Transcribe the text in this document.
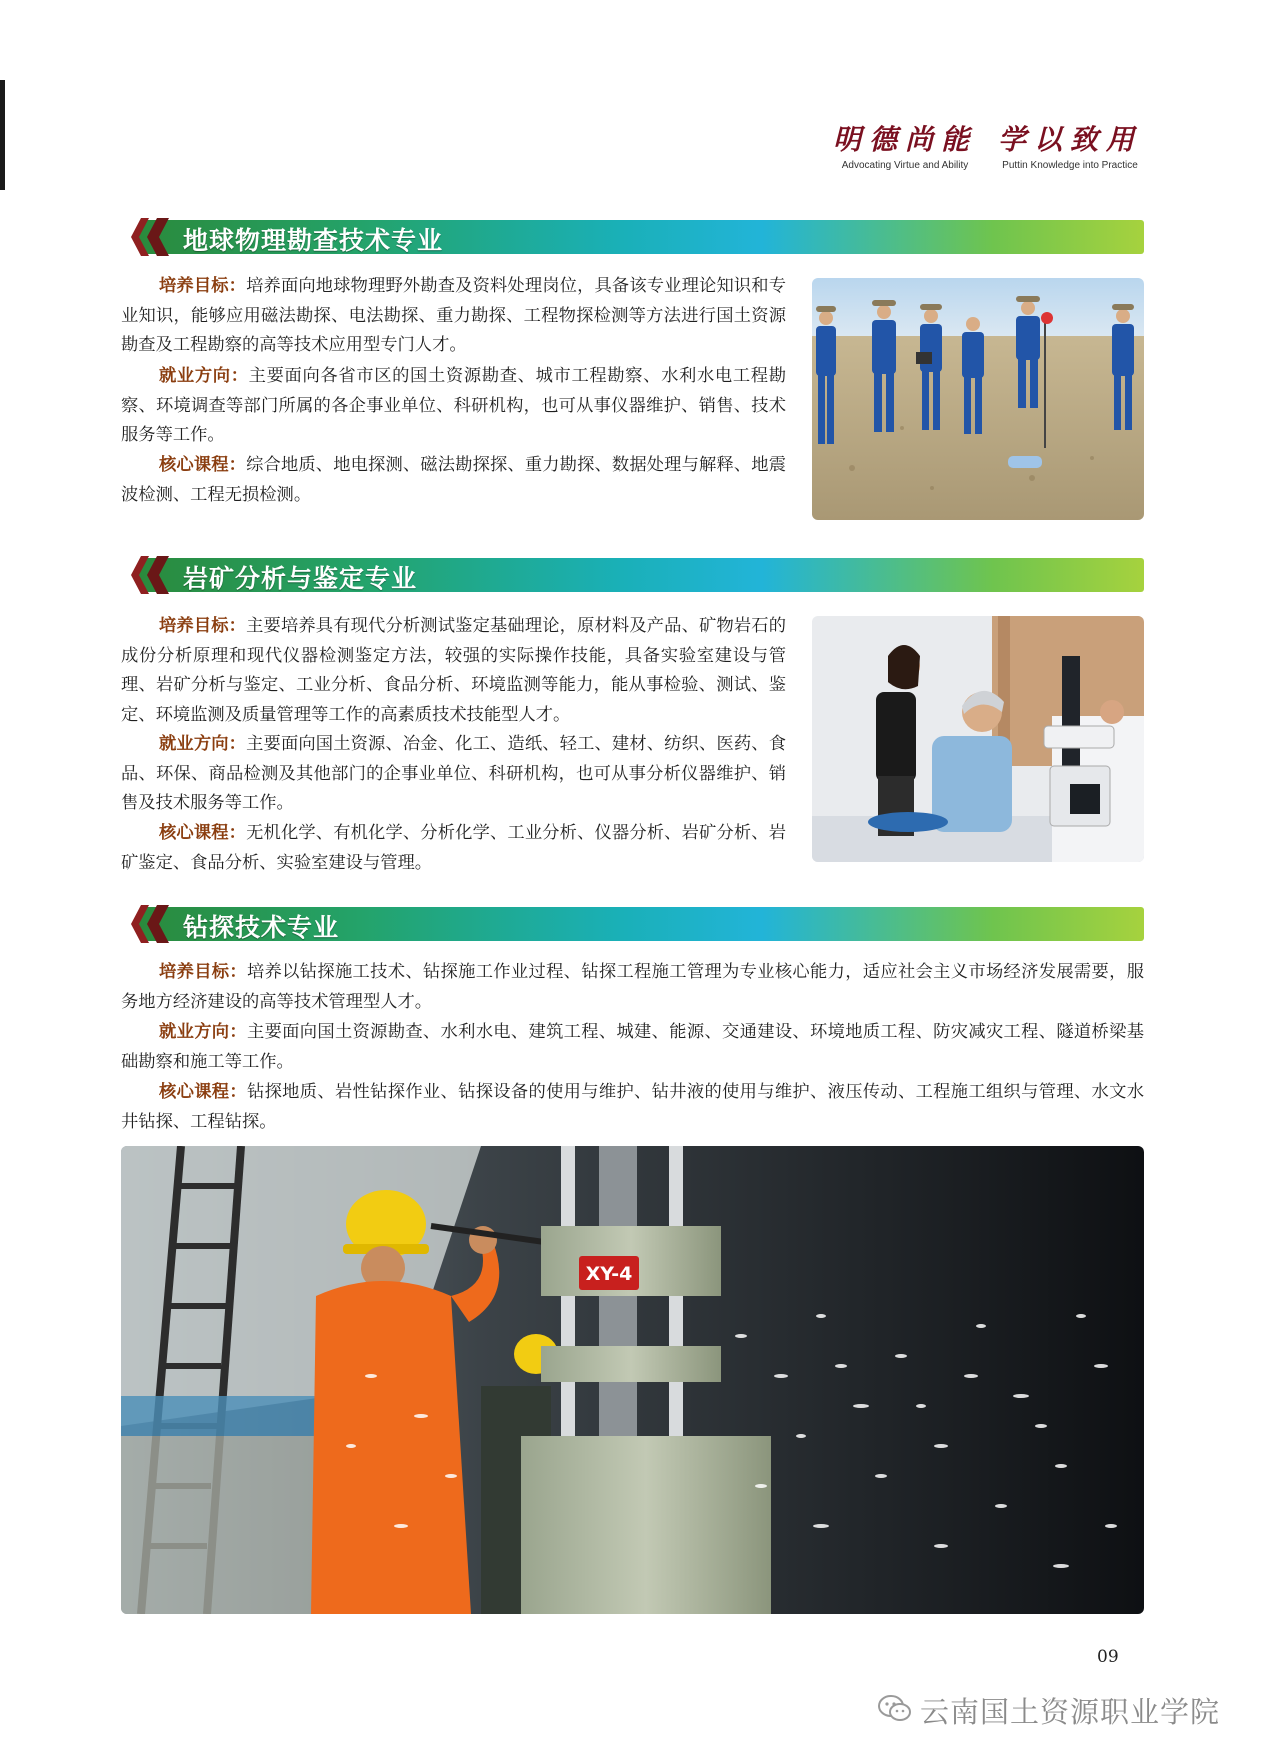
明德尚能
Advocating Virtue and Ability
学以致用
Puttin Knowledge into Practice
地球物理勘查技术专业
培养目标：培养面向地球物理野外勘查及资料处理岗位，具备该专业理论知识和专业知识，能够应用磁法勘探、电法勘探、重力勘探、工程物探检测等方法进行国土资源勘查及工程勘察的高等技术应用型专门人才。
就业方向：主要面向各省市区的国土资源勘查、城市工程勘察、水利水电工程勘察、环境调查等部门所属的各企事业单位、科研机构，也可从事仪器维护、销售、技术服务等工作。
核心课程：综合地质、地电探测、磁法勘探探、重力勘探、数据处理与解释、地震波检测、工程无损检测。
岩矿分析与鉴定专业
培养目标：主要培养具有现代分析测试鉴定基础理论，原材料及产品、矿物岩石的成份分析原理和现代仪器检测鉴定方法，较强的实际操作技能，具备实验室建设与管理、岩矿分析与鉴定、工业分析、食品分析、环境监测等能力，能从事检验、测试、鉴定、环境监测及质量管理等工作的高素质技术技能型人才。
就业方向：主要面向国土资源、冶金、化工、造纸、轻工、建材、纺织、医药、食品、环保、商品检测及其他部门的企事业单位、科研机构，也可从事分析仪器维护、销售及技术服务等工作。
核心课程：无机化学、有机化学、分析化学、工业分析、仪器分析、岩矿分析、岩矿鉴定、食品分析、实验室建设与管理。
钻探技术专业
培养目标：培养以钻探施工技术、钻探施工作业过程、钻探工程施工管理为专业核心能力，适应社会主义市场经济发展需要，服务地方经济建设的高等技术管理型人才。
就业方向：主要面向国土资源勘查、水利水电、建筑工程、城建、能源、交通建设、环境地质工程、防灾减灾工程、隧道桥梁基础勘察和施工等工作。
核心课程：钻探地质、岩性钻探作业、钻探设备的使用与维护、钻井液的使用与维护、液压传动、工程施工组织与管理、水文水井钻探、工程钻探。
XY-4
09
云南国土资源职业学院
